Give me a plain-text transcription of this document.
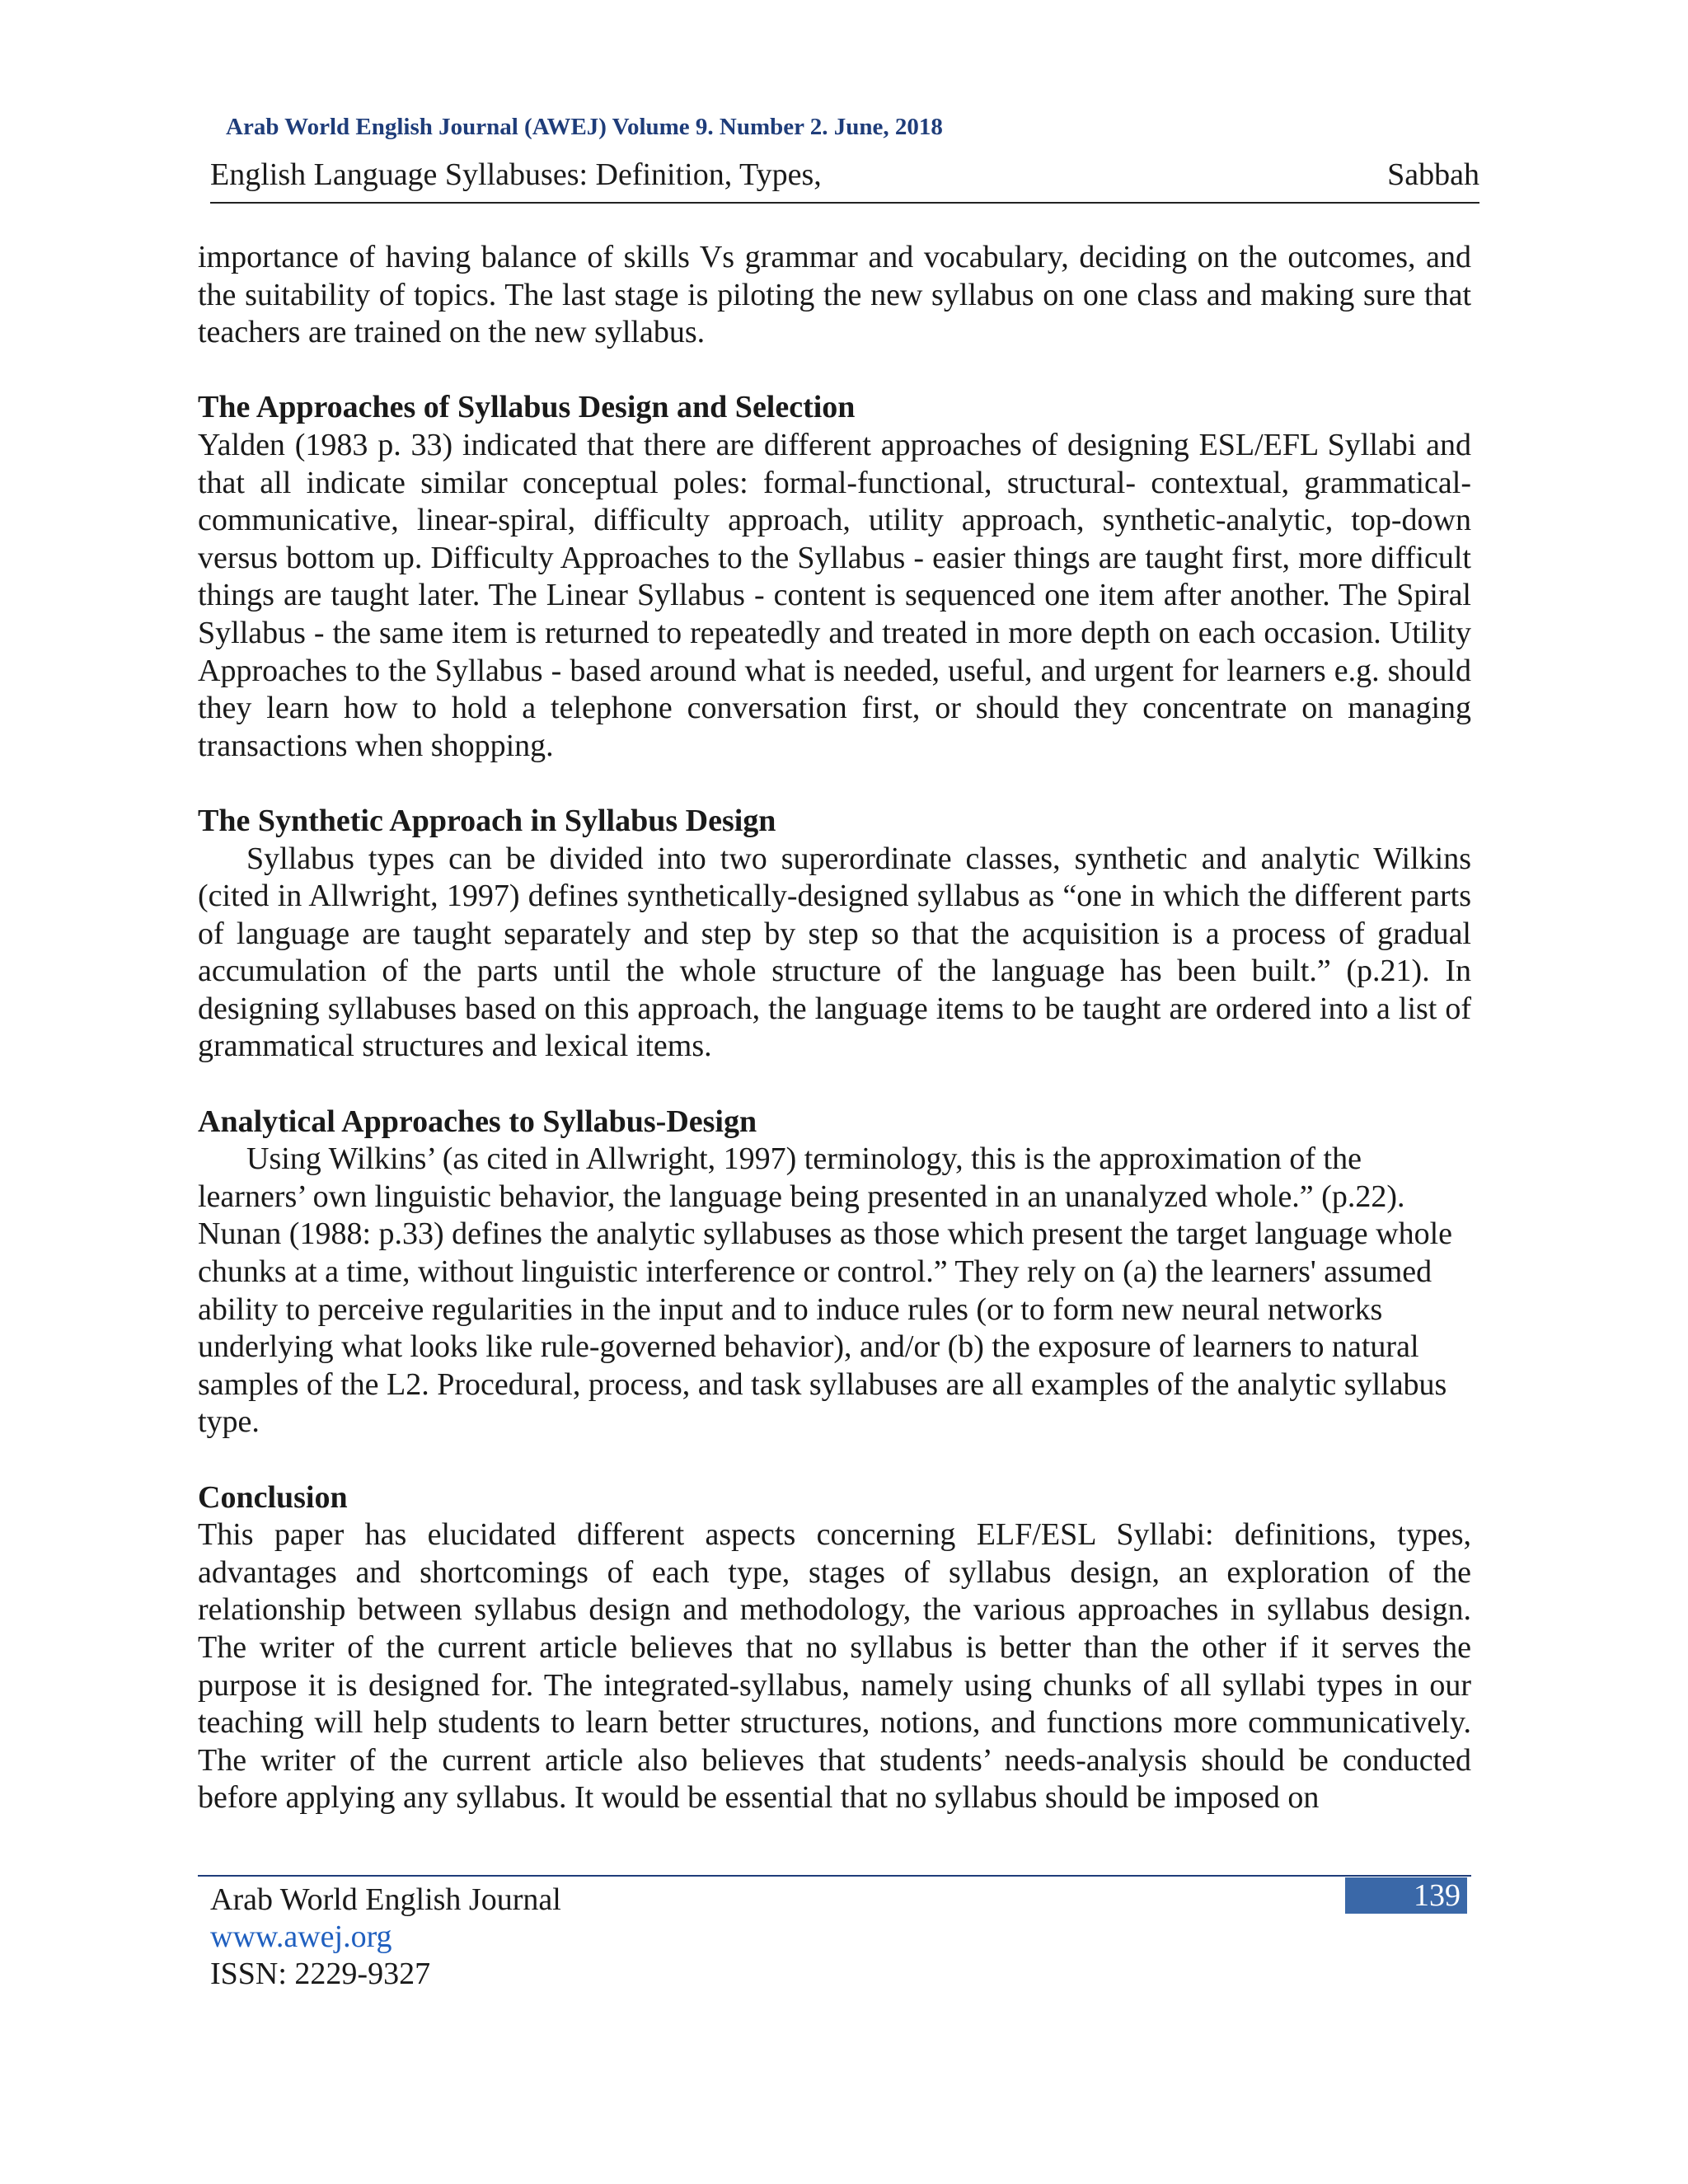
Arab World English Journal (AWEJ) Volume 9. Number 2. June, 2018
English Language Syllabuses: Definition, Types,	Sabbah

importance of having balance of skills Vs grammar and vocabulary, deciding on the outcomes, and the suitability of topics. The last stage is piloting the new syllabus on one class and making sure that teachers are trained on the new syllabus.

The Approaches of Syllabus Design and Selection

Yalden (1983 p. 33) indicated that there are different approaches of designing ESL/EFL Syllabi and that all indicate similar conceptual poles: formal-functional, structural- contextual, grammatical-communicative, linear-spiral, difficulty approach, utility approach, synthetic-analytic, top-down versus bottom up. Difficulty Approaches to the Syllabus - easier things are taught first, more difficult things are taught later. The Linear Syllabus - content is sequenced one item after another. The Spiral Syllabus - the same item is returned to repeatedly and treated in more depth on each occasion. Utility Approaches to the Syllabus - based around what is needed, useful, and urgent for learners e.g. should they learn how to hold a telephone conversation first, or should they concentrate on managing transactions when shopping.

The Synthetic Approach in Syllabus Design

Syllabus types can be divided into two superordinate classes, synthetic and analytic Wilkins (cited in Allwright, 1997) defines synthetically-designed syllabus as “one in which the different parts of language are taught separately and step by step so that the acquisition is a process of gradual accumulation of the parts until the whole structure of the language has been built.” (p.21). In designing syllabuses based on this approach, the language items to be taught are ordered into a list of grammatical structures and lexical items.

Analytical Approaches to Syllabus-Design

Using Wilkins’ (as cited in Allwright, 1997) terminology, this is the approximation of the learners’ own linguistic behavior, the language being presented in an unanalyzed whole.” (p.22). Nunan (1988: p.33) defines the analytic syllabuses as those which present the target language whole chunks at a time, without linguistic interference or control.” They rely on (a) the learners' assumed ability to perceive regularities in the input and to induce rules (or to form new neural networks underlying what looks like rule-governed behavior), and/or (b) the exposure of learners to natural samples of the L2. Procedural, process, and task syllabuses are all examples of the analytic syllabus type.

Conclusion

This paper has elucidated different aspects concerning ELF/ESL Syllabi: definitions, types, advantages and shortcomings of each type, stages of syllabus design, an exploration of the relationship between syllabus design and methodology, the various approaches in syllabus design. The writer of the current article believes that no syllabus is better than the other if it serves the purpose it is designed for. The integrated-syllabus, namely using chunks of all syllabi types in our teaching will help students to learn better structures, notions, and functions more communicatively. The writer of the current article also believes that students’ needs-analysis should be conducted before applying any syllabus. It would be essential that no syllabus should be imposed on

Arab World English Journal
www.awej.org
ISSN: 2229-9327
139
